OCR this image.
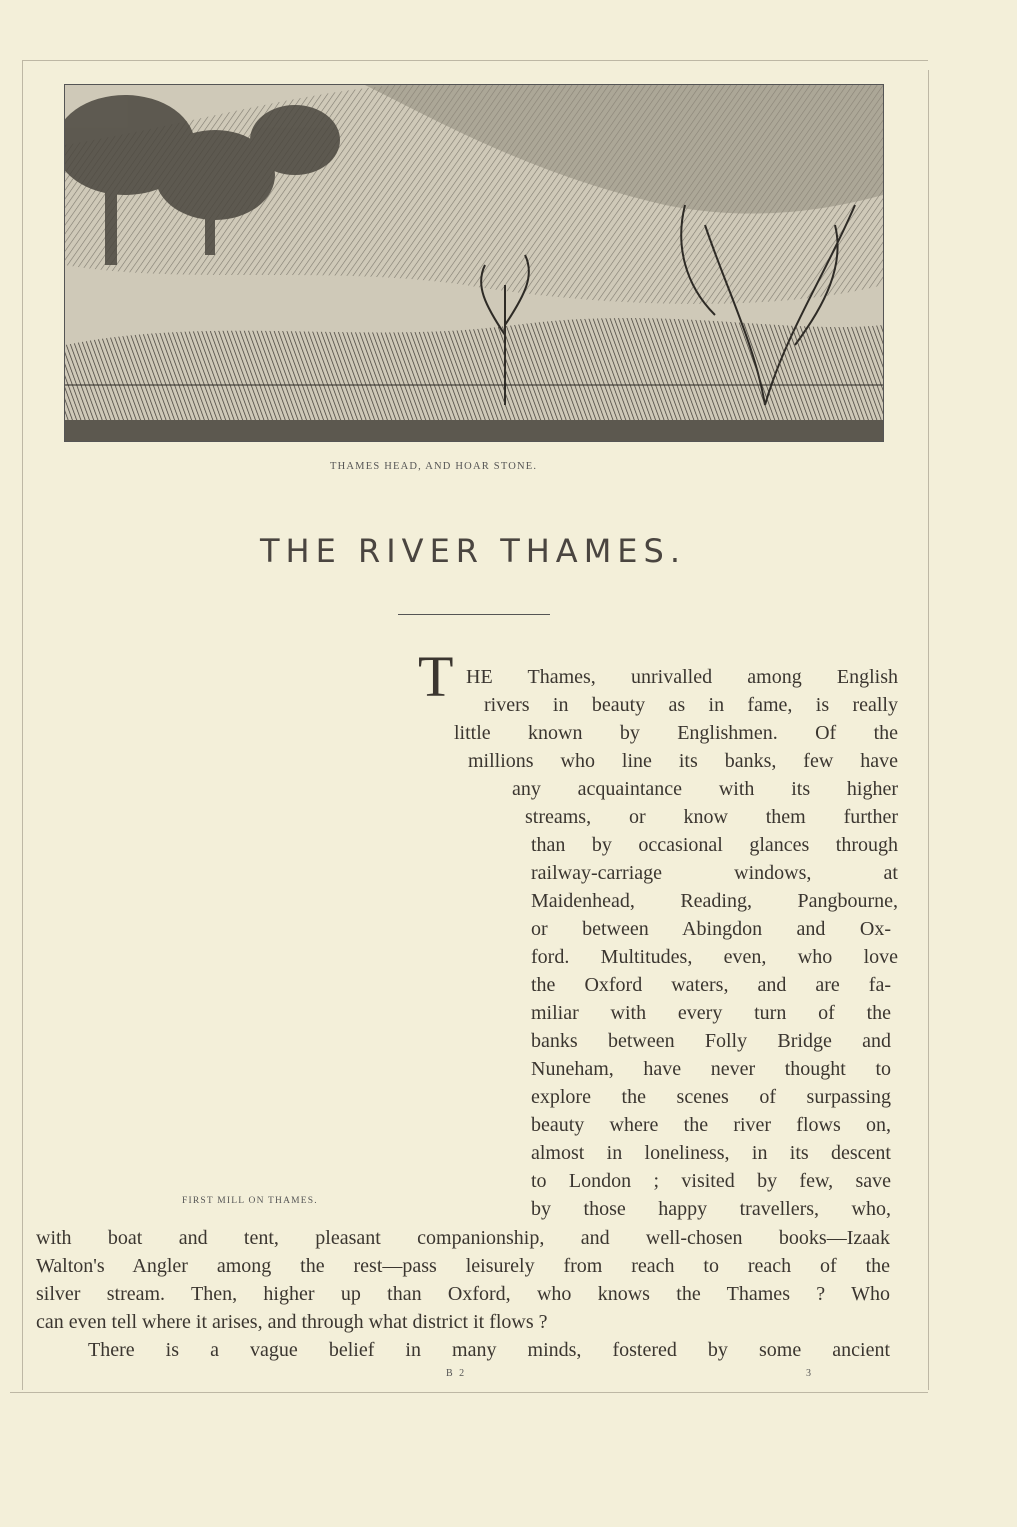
THAMES HEAD, AND HOAR STONE.
THE RIVER THAMES.
FIRST MILL ON THAMES.
T HE Thames, unrivalled among English
rivers in beauty as in fame, is really
little known by Englishmen. Of the
millions who line its banks, few have
any acquaintance with its higher
streams, or know them further
than by occasional glances through
railway-carriage windows, at
Maidenhead, Reading, Pangbourne,
or between Abingdon and Ox-
ford. Multitudes, even, who love
the Oxford waters, and are fa-
miliar with every turn of the
banks between Folly Bridge and
Nuneham, have never thought to
explore the scenes of surpassing
beauty where the river flows on,
almost in loneliness, in its descent
to London ; visited by few, save
by those happy travellers, who,
with boat and tent, pleasant companionship, and well-chosen books—Izaak
Walton's Angler among the rest—pass leisurely from reach to reach of the
silver stream. Then, higher up than Oxford, who knows the Thames ? Who
can even tell where it arises, and through what district it flows ?
There is a vague belief in many minds, fostered by some ancient
B 2	3
